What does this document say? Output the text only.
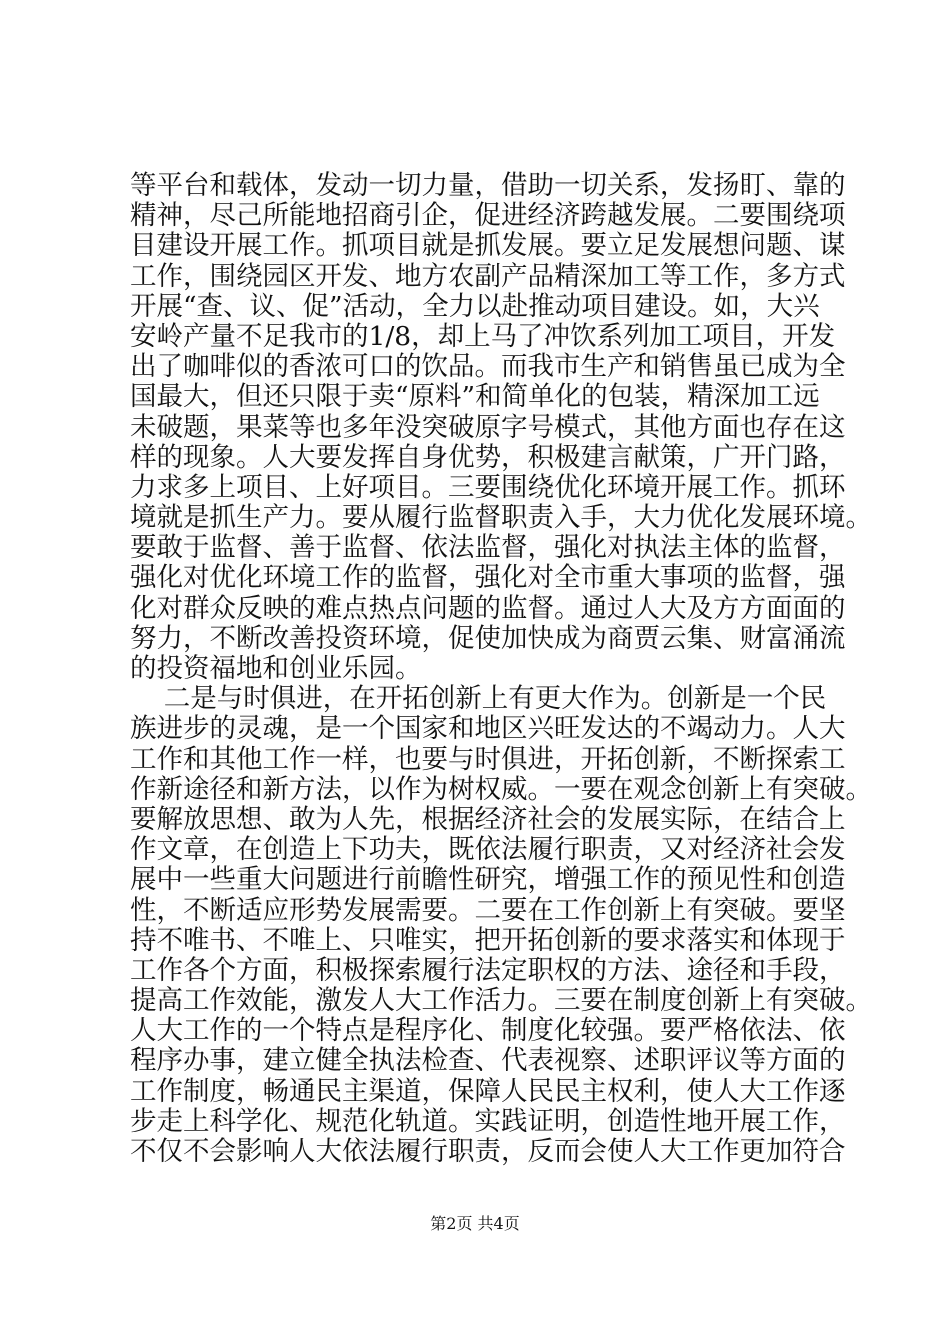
等平台和载体，发动一切力量，借助一切关系，发扬盯、靠的
精神，尽己所能地招商引企，促进经济跨越发展。二要围绕项
目建设开展工作。抓项目就是抓发展。要立足发展想问题、谋
工作，围绕园区开发、地方农副产品精深加工等工作，多方式
开展“查、议、促”活动，全力以赴推动项目建设。如，大兴
安岭产量不足我市的1/8，却上马了冲饮系列加工项目，开发
出了咖啡似的香浓可口的饮品。而我市生产和销售虽已成为全
国最大，但还只限于卖“原料”和简单化的包装，精深加工远
未破题，果菜等也多年没突破原字号模式，其他方面也存在这
样的现象。人大要发挥自身优势，积极建言献策，广开门路，
力求多上项目、上好项目。三要围绕优化环境开展工作。抓环
境就是抓生产力。要从履行监督职责入手，大力优化发展环境。
要敢于监督、善于监督、依法监督，强化对执法主体的监督，
强化对优化环境工作的监督，强化对全市重大事项的监督，强
化对群众反映的难点热点问题的监督。通过人大及方方面面的
努力，不断改善投资环境，促使加快成为商贾云集、财富涌流
的投资福地和创业乐园。
二是与时俱进，在开拓创新上有更大作为。创新是一个民
族进步的灵魂，是一个国家和地区兴旺发达的不竭动力。人大
工作和其他工作一样，也要与时俱进，开拓创新，不断探索工
作新途径和新方法，以作为树权威。一要在观念创新上有突破。
要解放思想、敢为人先，根据经济社会的发展实际，在结合上
作文章，在创造上下功夫，既依法履行职责，又对经济社会发
展中一些重大问题进行前瞻性研究，增强工作的预见性和创造
性，不断适应形势发展需要。二要在工作创新上有突破。要坚
持不唯书、不唯上、只唯实，把开拓创新的要求落实和体现于
工作各个方面，积极探索履行法定职权的方法、途径和手段，
提高工作效能，激发人大工作活力。三要在制度创新上有突破。
人大工作的一个特点是程序化、制度化较强。要严格依法、依
程序办事，建立健全执法检查、代表视察、述职评议等方面的
工作制度，畅通民主渠道，保障人民民主权利，使人大工作逐
步走上科学化、规范化轨道。实践证明，创造性地开展工作，
不仅不会影响人大依法履行职责，反而会使人大工作更加符合
第2页 共4页
